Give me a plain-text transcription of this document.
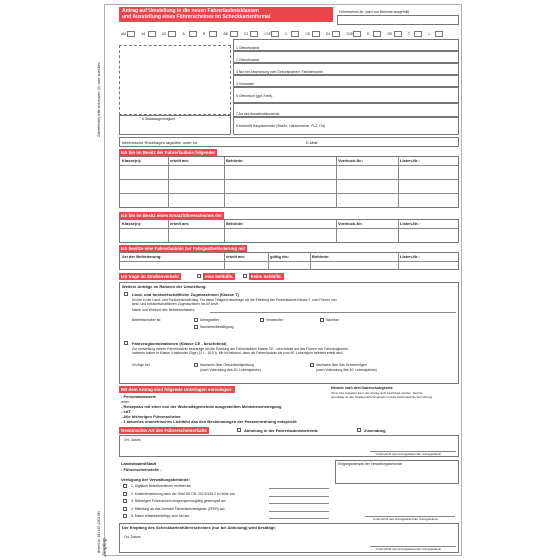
Zutreffendes bitte ankreuzen (X) oder ausfüllen
Antrag auf Umstellung in die neuen Fahrerlaubnisklassen
und Ausstellung eines Führerscheines im Scheckkartenformat
Führerschein-Nr. (wird von Behörde ausgefüllt)
AM	A1	A2	A	B	BE	C1	C1E	C	CE	D1	D1E	D	DE	T	L
6 Staatsangehörigkeit
1 Geburtsname
2 Geburtsname
3 Nur bei Abweichung vom Geburtsnamen: Familienname
4 Vornamen
5 Geburtsort (ggf. Kreis)
7 Art des Ausweisdokuments
8 Anschrift Hauptwohnsitz (Straße, Hausnummer, PLZ, Ort)
telefonische Rückfragen tagsüber unter Nr.	E-Mail
Ich bin im Besitz der Fahrerlaubnis folgender
Klasse(n):	erteilt am:	Behörde:	Vordruck-Nr.:	Listen-Nr.:
Ich bin im Besitz eines Ersatzführerscheines der
Klasse(n):	erteilt am:	Behörde:	Vordruck-Nr.:	Listen-Nr.:
Ich besitze eine Fahrerlaubnis zur Fahrgastbeförderung mit
Art der Beförderung:	erteilt am:	gültig bis:	Behörde:	Listen-Nr.:
Ich trage im Straßenverkehr	eine Sehhilfe.	keine Sehhilfe.
Weitere Anträge im Rahmen der Umstellung:
Land- und forstwirtschaftliche Zugmaschinen (Klasse T)
Ich bin in der Land- und Forstwirtschaft tätig. Für diese Tätigkeit beantrage ich die Erteilung der Fahrerlaubnis Klasse T, zum Führen von
land- und forstwirtschaftlichen Zugmaschinen bis 60 km/h.
Name und Wohnort des Betriebsinhabers:
Betriebsinhaber ist:	Antragsteller	Verwandter	Nachbar
Nachweis/Bestätigung
Fahrzeugkombinationen (Klasse CE - beschränkt)
Zur Umstellung meiner Fahrerlaubnis beantrage ich die Erteilung der Fahrerlaubnis Klasse CE - beschränkt auf das Führen von Fahrzeugkombi-
nationen bisher in Klasse 3 faktender Züge (12 t - 18,5 t). Mir ist bekannt, dass die Fahrerlaubnis bis zum 50. Lebensjahr befristet erteilt wird.
Ich füge bei:	Nachweis über Gesundheitsprüfung
(nach Vollendung des 50. Lebensjahres)
Nachweis über das Sehvermögen
(nach Vollendung des 50. Lebensjahres)
Mit dem Antrag sind folgende Unterlagen vorzulegen:
- Personalausweis
oder
- Reisepass mit einer von der Wohnsitzgemeinde ausgestellten Meldebescheinigung
- eAT
- Alle bisherigen Führerscheine
- 1 aktuelles biometrisches Lichtbild das den Bestimmungen der Passverordnung entspricht
Hinweis nach dem Datenschutzgesetz:
Ohne Ihre Angaben kann der Antrag nicht bearbeitet werden. Rechts-
grundlage ist das Straßenverkehrsgesetz und die Fahrerlaubnis-Verordnung.
Gewünschte Art des Führerscheinerhalts	Abholung in der Fahrerlaubnisbehörde	Zusendung
Ort, Datum
Unterschrift des Antragstellers/der Antragstellerin
Landratsamt/Stadt
- Führerscheinstelle -
Eingangsstempel der Verwaltungsbehörde:
Verfügung der Verwaltungsbehörde:
1. Digitales Bestellverfahren eröffnet am
2. Kostenfestsetzung nach der GebOSt TSt. 202.5/126.2 in Höhe von
3. Bisherigen Führerschein eingezogen/ungültig gestempelt am
4. Mitteilung an das Zentrale Fahrerlaubnisregister (ZFER) am
5. Daten erfasst/berichtigt, zum Akt am
Unterschrift des Antragstellers/der Antragstellerin
Der Empfang des Scheckkartenführerscheines (nur bei Abholung) wird bestätigt:
Ort, Datum
Unterschrift des Antragstellers/der Antragstellerin
Bestell-Nr. 181 145 (2001 08) Jüngling
